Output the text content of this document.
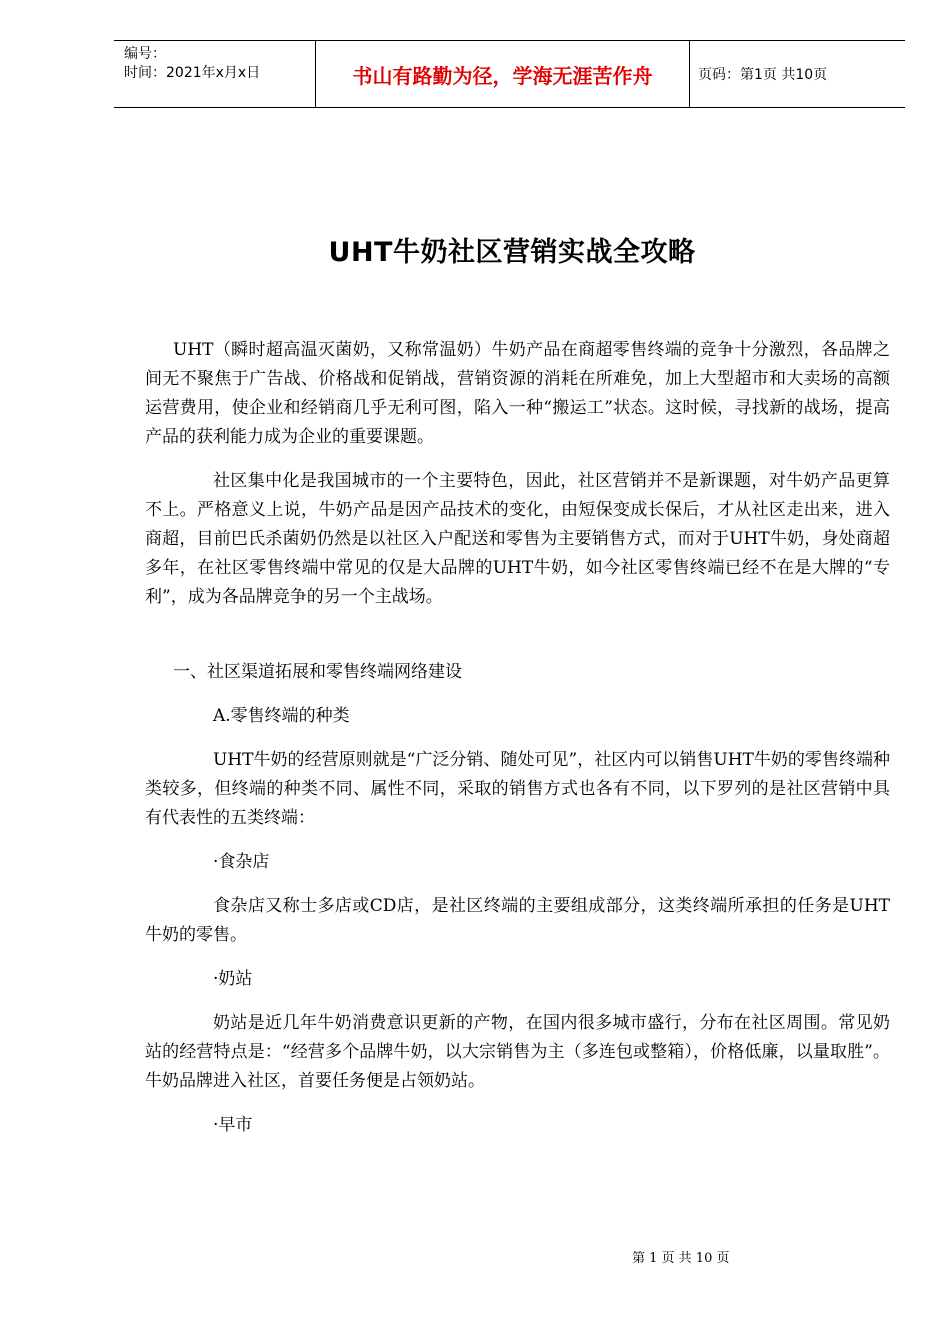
编号：
时间：2021年x月x日	书山有路勤为径，学海无涯苦作舟	页码：第1页 共10页
UHT牛奶社区营销实战全攻略

UHT（瞬时超高温灭菌奶，又称常温奶）牛奶产品在商超零售终端的竞争十分激烈，各品牌之间无不聚焦于广告战、价格战和促销战，营销资源的消耗在所难免，加上大型超市和大卖场的高额运营费用，使企业和经销商几乎无利可图，陷入一种“搬运工”状态。这时候，寻找新的战场，提高产品的获利能力成为企业的重要课题。

社区集中化是我国城市的一个主要特色，因此，社区营销并不是新课题，对牛奶产品更算不上。严格意义上说，牛奶产品是因产品技术的变化，由短保变成长保后，才从社区走出来，进入商超，目前巴氏杀菌奶仍然是以社区入户配送和零售为主要销售方式，而对于UHT牛奶，身处商超多年，在社区零售终端中常见的仅是大品牌的UHT牛奶，如今社区零售终端已经不在是大牌的“专利”，成为各品牌竞争的另一个主战场。

一、社区渠道拓展和零售终端网络建设

A.零售终端的种类

UHT牛奶的经营原则就是“广泛分销、随处可见”，社区内可以销售UHT牛奶的零售终端种类较多，但终端的种类不同、属性不同，采取的销售方式也各有不同，以下罗列的是社区营销中具有代表性的五类终端：

·食杂店

食杂店又称士多店或CD店，是社区终端的主要组成部分，这类终端所承担的任务是UHT牛奶的零售。

·奶站

奶站是近几年牛奶消费意识更新的产物，在国内很多城市盛行，分布在社区周围。常见奶站的经营特点是：“经营多个品牌牛奶，以大宗销售为主（多连包或整箱），价格低廉，以量取胜”。牛奶品牌进入社区，首要任务便是占领奶站。

·早市

第 1 页 共 10 页
